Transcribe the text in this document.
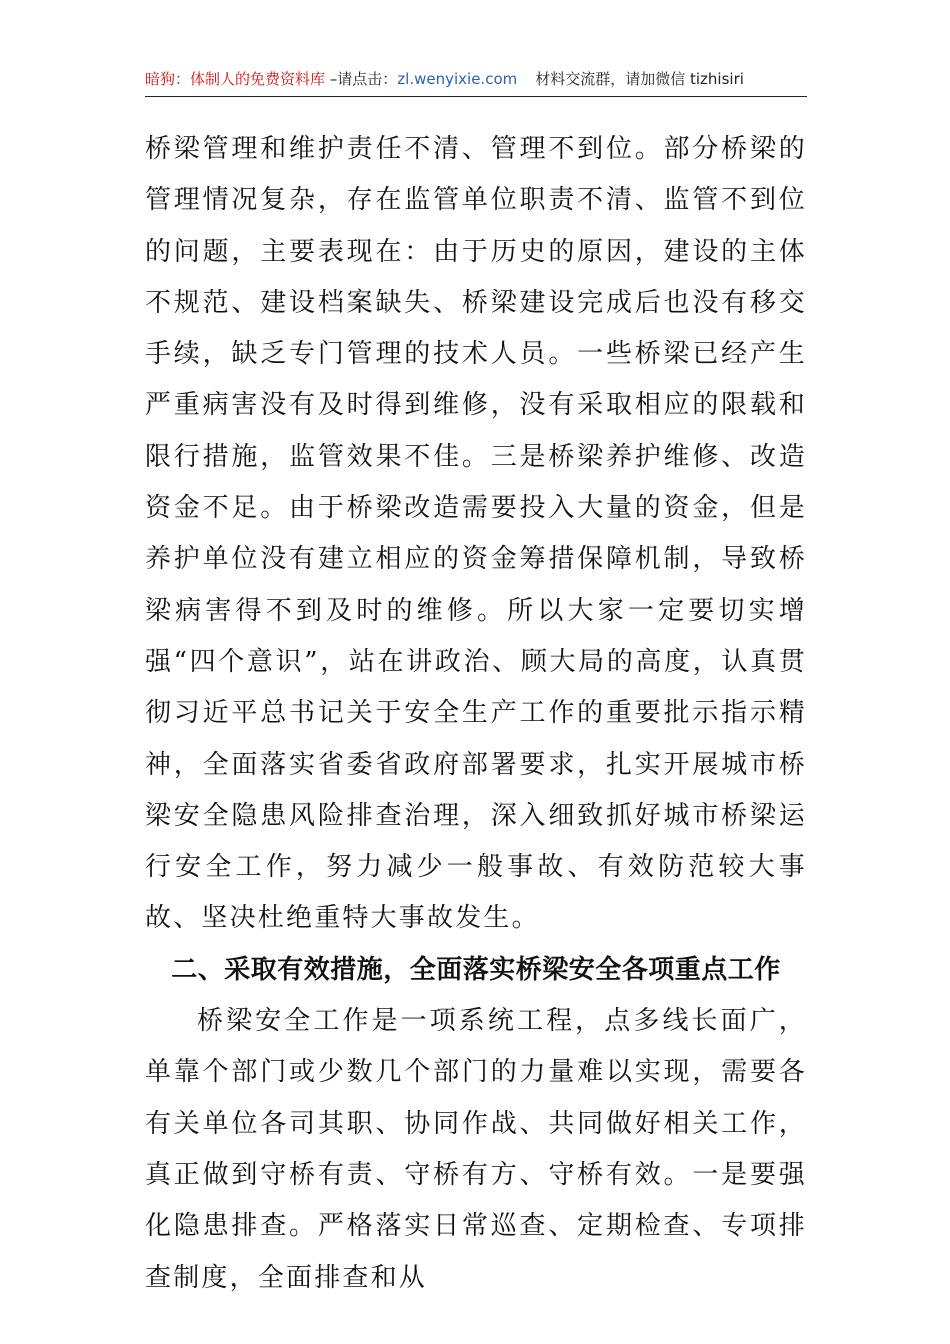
暗狗：体制人的免费资料库 –请点击：zl.wenyixie.com 材料交流群，请加微信 tizhisiri

桥梁管理和维护责任不清、管理不到位。部分桥梁的管理情况复杂，存在监管单位职责不清、监管不到位的问题，主要表现在：由于历史的原因，建设的主体不规范、建设档案缺失、桥梁建设完成后也没有移交手续，缺乏专门管理的技术人员。一些桥梁已经产生严重病害没有及时得到维修，没有采取相应的限载和限行措施，监管效果不佳。三是桥梁养护维修、改造资金不足。由于桥梁改造需要投入大量的资金，但是养护单位没有建立相应的资金筹措保障机制，导致桥梁病害得不到及时的维修。所以大家一定要切实增强“四个意识”，站在讲政治、顾大局的高度，认真贯彻习近平总书记关于安全生产工作的重要批示指示精神，全面落实省委省政府部署要求，扎实开展城市桥梁安全隐患风险排查治理，深入细致抓好城市桥梁运行安全工作，努力减少一般事故、有效防范较大事故、坚决杜绝重特大事故发生。

二、采取有效措施，全面落实桥梁安全各项重点工作

桥梁安全工作是一项系统工程，点多线长面广，单靠个部门或少数几个部门的力量难以实现，需要各有关单位各司其职、协同作战、共同做好相关工作，真正做到守桥有责、守桥有方、守桥有效。一是要强化隐患排查。严格落实日常巡查、定期检查、专项排查制度，全面排查和从
